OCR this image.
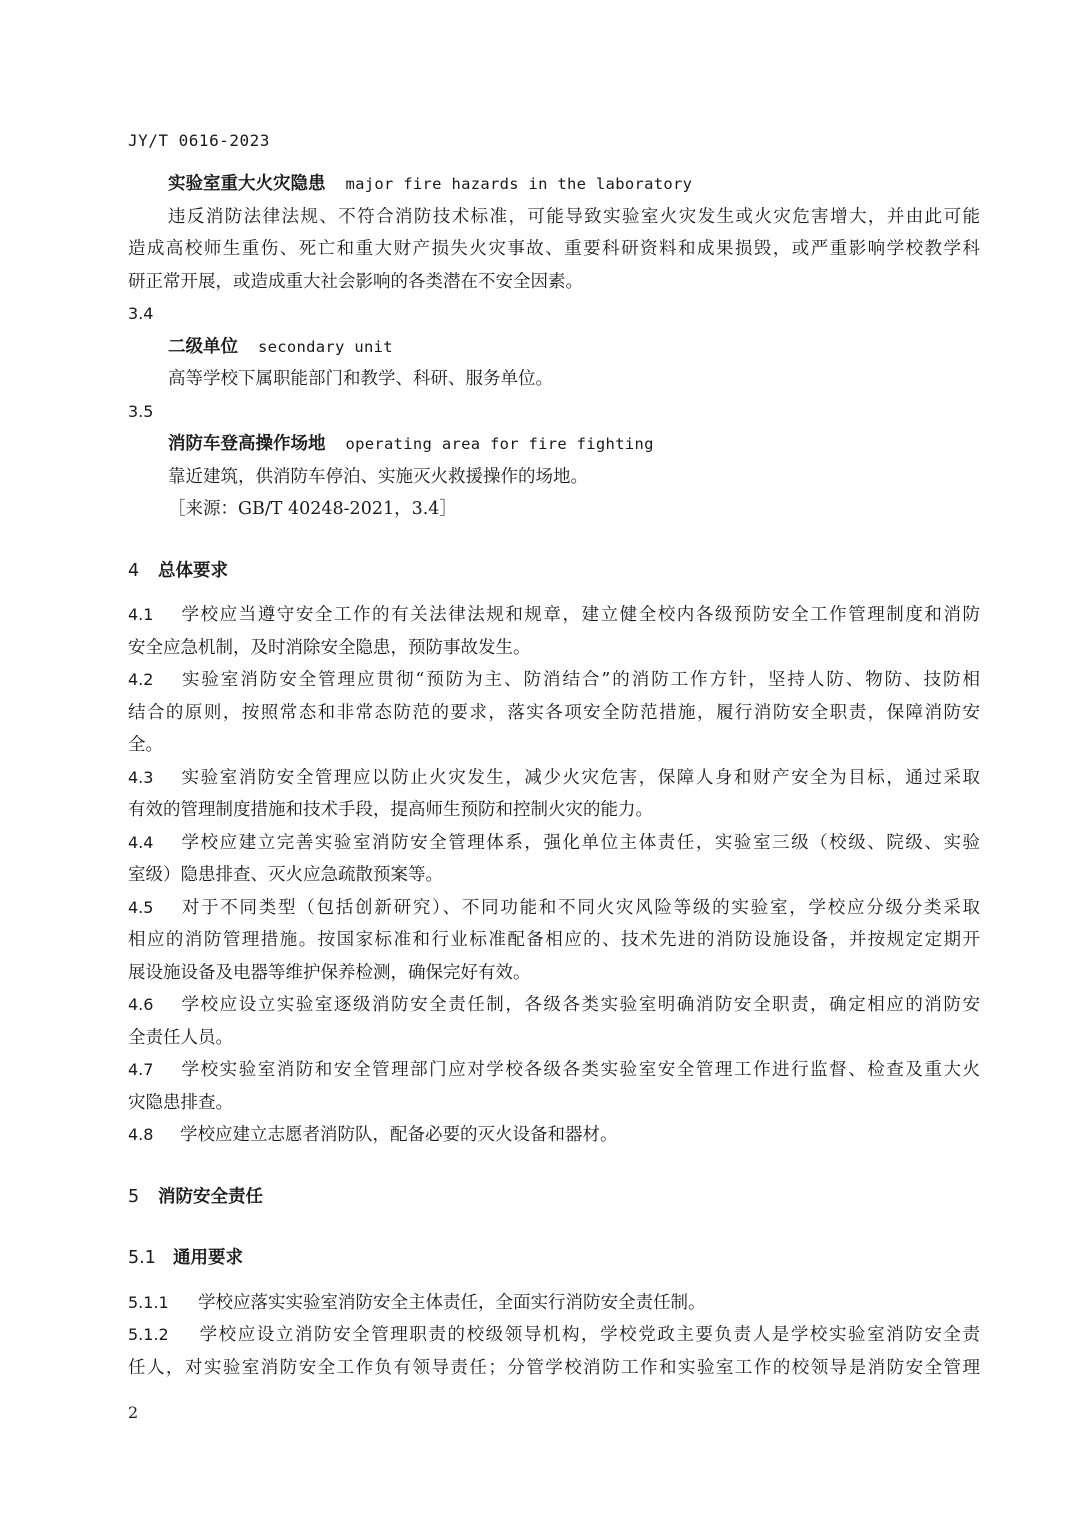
JY/T 0616-2023
实验室重大火灾隐患 major fire hazards in the laboratory
违反消防法律法规、不符合消防技术标准，可能导致实验室火灾发生或火灾危害增大，并由此可能
造成高校师生重伤、死亡和重大财产损失火灾事故、重要科研资料和成果损毁，或严重影响学校教学科
研正常开展，或造成重大社会影响的各类潜在不安全因素。
3.4
二级单位 secondary unit
高等学校下属职能部门和教学、科研、服务单位。
3.5
消防车登高操作场地 operating area for fire fighting
靠近建筑，供消防车停泊、实施灭火救援操作的场地。
［来源：GB/T 40248-2021，3.4］
4 总体要求
4.1 学校应当遵守安全工作的有关法律法规和规章，建立健全校内各级预防安全工作管理制度和消防
安全应急机制，及时消除安全隐患，预防事故发生。
4.2 实验室消防安全管理应贯彻“预防为主、防消结合”的消防工作方针，坚持人防、物防、技防相
结合的原则，按照常态和非常态防范的要求，落实各项安全防范措施，履行消防安全职责，保障消防安
全。
4.3 实验室消防安全管理应以防止火灾发生，减少火灾危害，保障人身和财产安全为目标，通过采取
有效的管理制度措施和技术手段，提高师生预防和控制火灾的能力。
4.4 学校应建立完善实验室消防安全管理体系，强化单位主体责任，实验室三级（校级、院级、实验
室级）隐患排查、灭火应急疏散预案等。
4.5 对于不同类型（包括创新研究）、不同功能和不同火灾风险等级的实验室，学校应分级分类采取
相应的消防管理措施。按国家标准和行业标准配备相应的、技术先进的消防设施设备，并按规定定期开
展设施设备及电器等维护保养检测，确保完好有效。
4.6 学校应设立实验室逐级消防安全责任制，各级各类实验室明确消防安全职责，确定相应的消防安
全责任人员。
4.7 学校实验室消防和安全管理部门应对学校各级各类实验室安全管理工作进行监督、检查及重大火
灾隐患排查。
4.8 学校应建立志愿者消防队，配备必要的灭火设备和器材。
5 消防安全责任
5.1 通用要求
5.1.1 学校应落实实验室消防安全主体责任，全面实行消防安全责任制。
5.1.2 学校应设立消防安全管理职责的校级领导机构，学校党政主要负责人是学校实验室消防安全责
任人，对实验室消防安全工作负有领导责任；分管学校消防工作和实验室工作的校领导是消防安全管理
2
